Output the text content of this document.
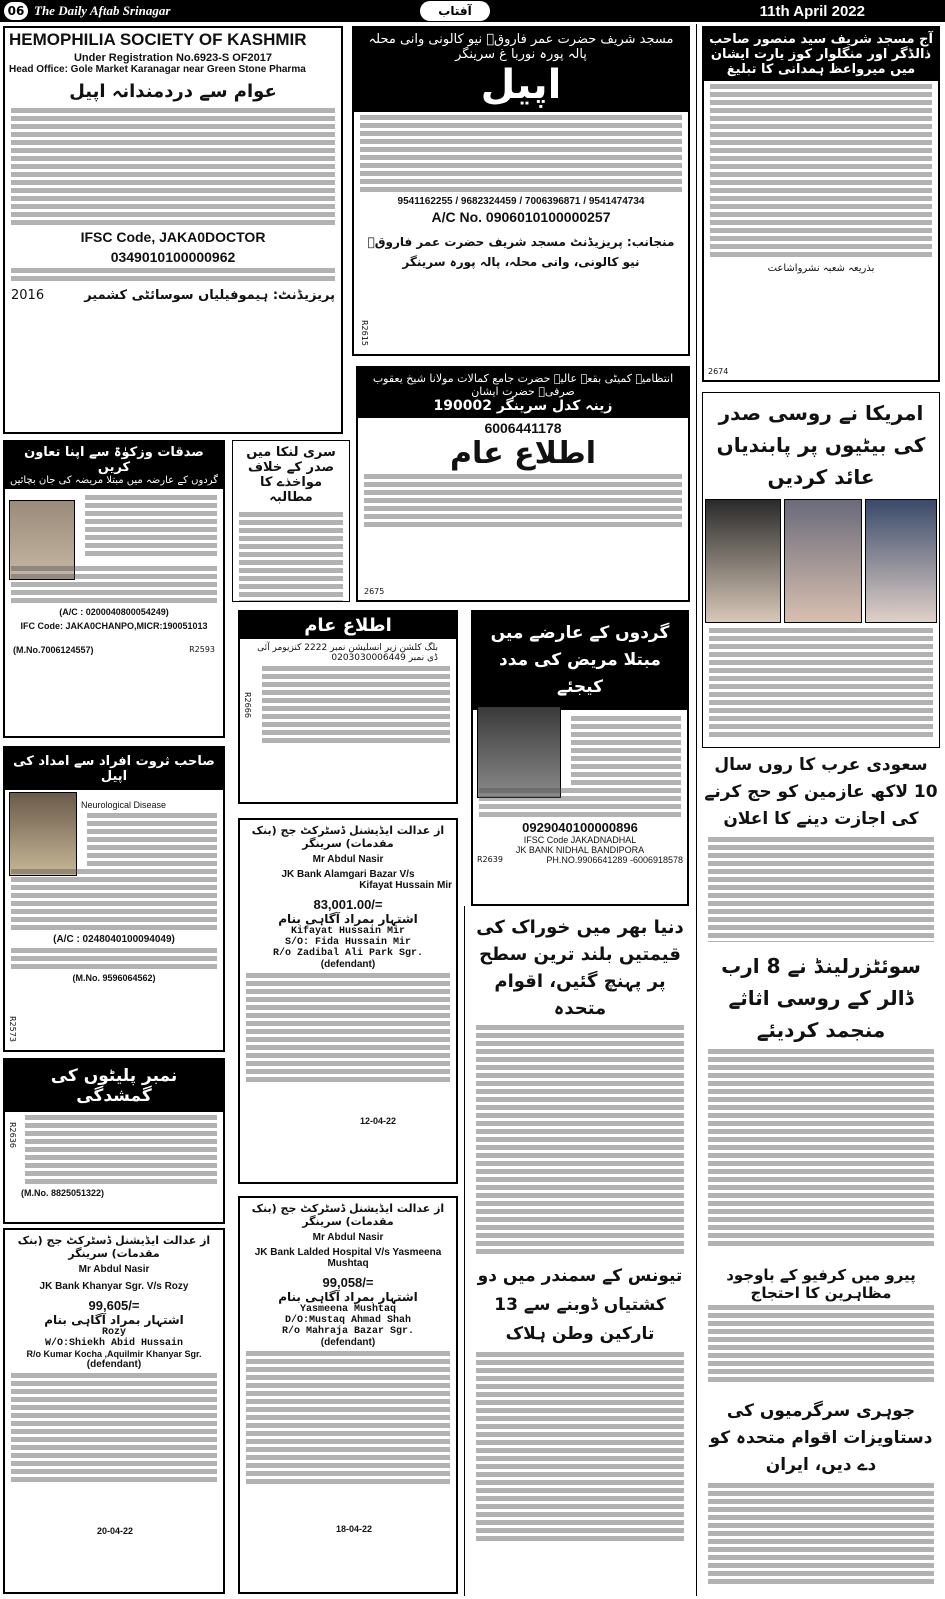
06 The Daily Aftab Srinagar	آفتاب	11th April 2022
HEMOPHILIA SOCIETY OF KASHMIR
Under Registration No.6923-S OF2017
Head Office: Gole Market Karanagar near Green Stone Pharma
عوام سے دردمندانہ اپیل
IFSC Code, JAKA0DOCTOR
0349010100000962
2016	پریزیڈنٹ: ہیموفیلیاں سوسائٹی کشمیر
مسجد شریف حضرت عمر فاروقؓ نیو کالونی وانی محلہ پالہ پورہ نوربا غ سرینگر
اپیل
9541162255 / 9682324459 / 7006396871 / 9541474734
A/C No. 0906010100000257
منجانب: پریزیڈنٹ مسجد شریف حضرت عمر فاروقؓ
نیو کالونی، وانی محلہ، پالہ پورہ سرینگر
R2615
آج مسجد شریف سید منصور صاحب ذالڈگر اور منگلوار کوز یارت ایشان میں میرواعظ ہمدانی کا تبلیغ
بذریعہ شعبہ نشرواشاعت
2674
انتظامیہ کمیٹی بقعہ عالیہ حضرت جامع کمالات مولانا شیخ یعقوب صرفیؒ حضرت ایشان
زینہ کدل سرینگر 190002
6006441178
اطلاع عام
2675
صدقات وزکوٰۃ سے اپنا تعاون کریں
گردوں کے عارضہ میں مبتلا مریضہ کی جان بچائیں
(A/C : 0200040800054249)
IFC Code: JAKA0CHANPO,MICR:190051013
(M.No.7006124557)	R2593
سری لنکا میں صدر کے خلاف مواخذے کا مطالبہ
اطلاع عام
بلگ کلشن زیر انسلیشن نمبر 2222 کنزیومر آئی ڈی نمبر 0203030006449
R2666
گردوں کے عارضے میں مبتلا مریض کی مدد کیجئے
0929040100000896
IFSC Code JAKADNADHAL
JK BANK NIDHAL BANDIPORA
R2639	PH.NO.9906641289 -6006918578
صاحب ثروت افراد سے امداد کی اپیل
Neurological Disease
(A/C : 0248040100094049)
(M.No. 9596064562)
R2573
از عدالت ایڈیشنل ڈسٹرکٹ جج (بنک مقدمات) سرینگر
Mr Abdul Nasir
JK Bank Alamgari Bazar V/s
Kifayat Hussain Mir
83,001.00/=
اشتہار بمراد آگاہی بنام
Kifayat Hussain Mir
S/O: Fida Hussain Mir
R/o Zadibal Ali Park Sgr.
(defendant)
12-04-22
دنیا بھر میں خوراک کی قیمتیں بلند ترین سطح پر پہنچ گئیں، اقوام متحدہ
امریکا نے روسی صدر کی بیٹیوں پر پابندیاں عائد کردیں
سعودی عرب کا روں سال 10 لاکھ عازمین کو حج کرنے کی اجازت دینے کا اعلان
سوئٹزرلینڈ نے 8 ارب ڈالر کے روسی اثاثے منجمد کردیئے
نمبر پلیٹوں کی گمشدگی
(M.No. 8825051322)
R2636
از عدالت ایڈیشنل ڈسٹرکٹ جج (بنک مقدمات) سرینگر
Mr Abdul Nasir
JK Bank Khanyar Sgr. V/s Rozy
99,605/=
اشتہار بمراد آگاہی بنام
Rozy
W/O:Shiekh Abid Hussain
R/o Kumar Kocha ,Aquilmir Khanyar Sgr.
(defendant)
20-04-22
از عدالت ایڈیشنل ڈسٹرکٹ جج (بنک مقدمات) سرینگر
Mr Abdul Nasir
JK Bank Lalded Hospital V/s Yasmeena Mushtaq
99,058/=
اشتہار بمراد آگاہی بنام
Yasmeena Mushtaq
D/O:Mustaq Ahmad Shah
R/o Mahraja Bazar Sgr.
(defendant)
18-04-22
تیونس کے سمندر میں دو کشتیاں ڈوبنے سے 13 تارکین وطن ہلاک
پیرو میں کرفیو کے باوجود مظاہرین کا احتجاج
جوہری سرگرمیوں کی دستاویزات اقوام متحدہ کو دے دیں، ایران
